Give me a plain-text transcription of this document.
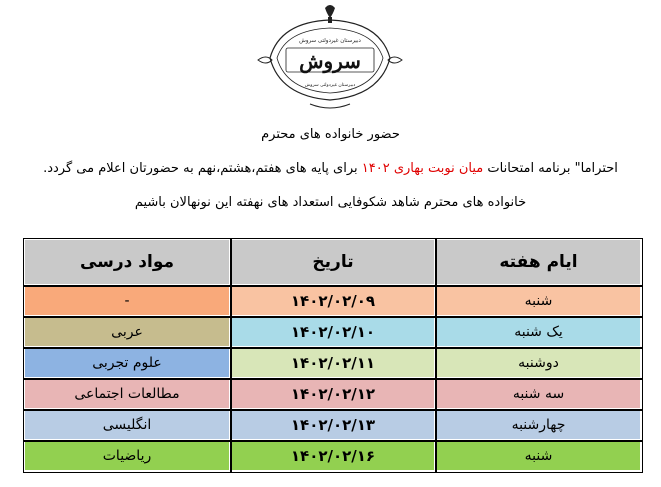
دبیرستان غیردولتی سروش
سروش
دبیرستان غیردولتی سروش
حضور خانواده های محترم
احتراما" برنامه امتحانات میان نوبت بهاری ۱۴۰۲ برای پایه های هفتم،هشتم،نهم به حضورتان اعلام می گردد.
خانواده های محترم شاهد شکوفایی استعداد های نهفته این نونهالان باشیم
ایام هفته	تاریخ	مواد درسی
شنبه	۱۴۰۲/۰۲/۰۹	-
یک شنبه	۱۴۰۲/۰۲/۱۰	عربی
دوشنبه	۱۴۰۲/۰۲/۱۱	علوم تجربی
سه شنبه	۱۴۰۲/۰۲/۱۲	مطالعات اجتماعی
چهارشنبه	۱۴۰۲/۰۲/۱۳	انگلیسی
شنبه	۱۴۰۲/۰۲/۱۶	ریاضیات
